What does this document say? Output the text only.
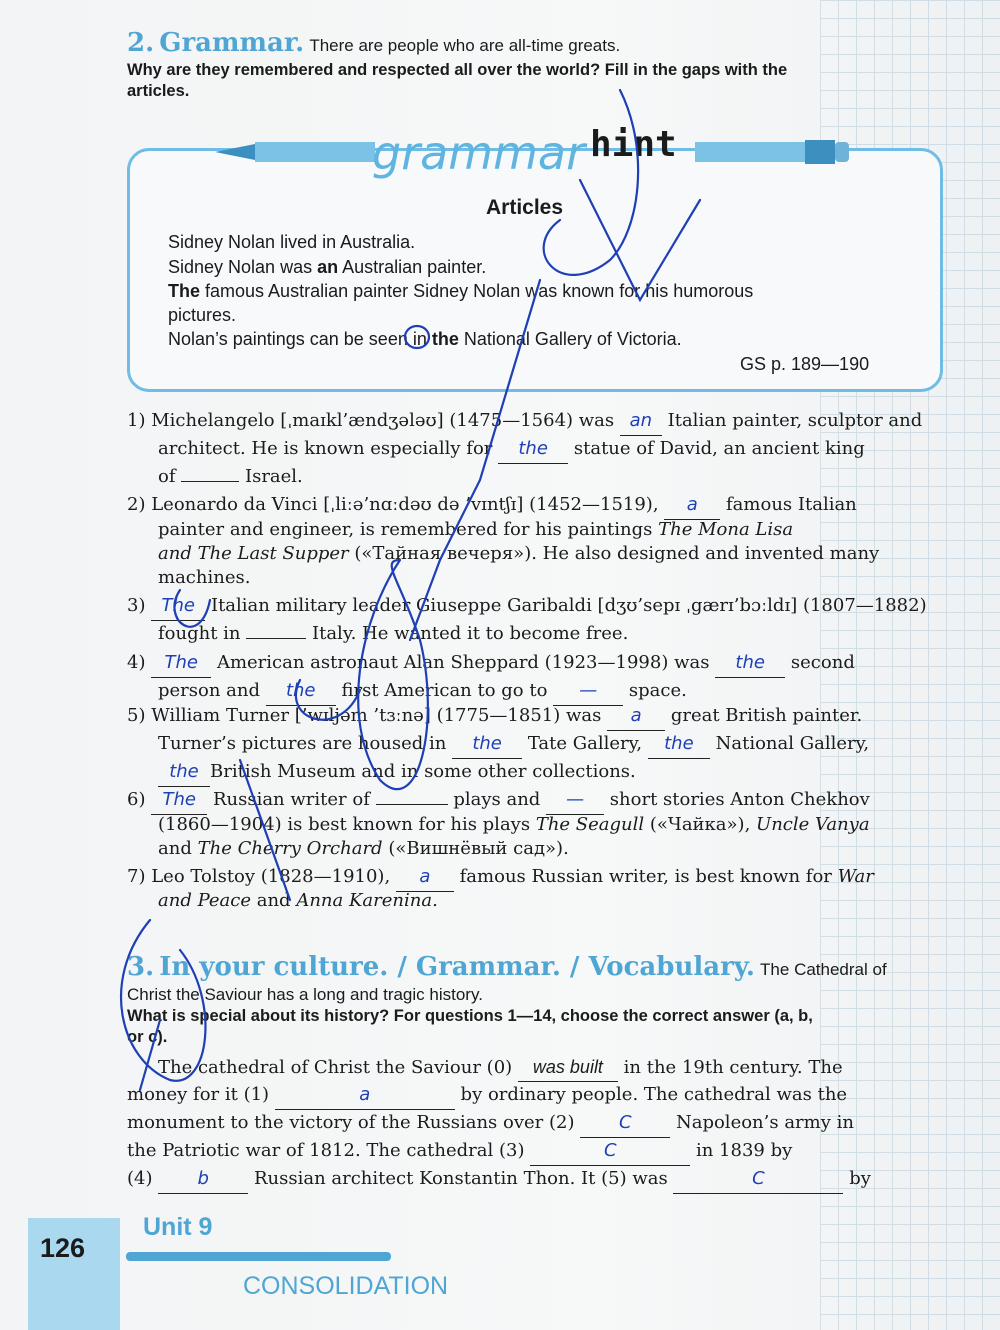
2. Grammar. There are people who are all-time greats.
Why are they remembered and respected all over the world? Fill in the gaps with the
articles.
grammar hint
Articles
Sidney Nolan lived in Australia.
Sidney Nolan was an Australian painter.
The famous Australian painter Sidney Nolan was known for his humorous
pictures.
Nolan’s paintings can be seen in the National Gallery of Victoria.
GS p. 189—190
1) Michelangelo [ˌmaɪkl’ændʒələʊ] (1475—1564) was an Italian painter, sculptor and
architect. He is known especially for the statue of David, an ancient king
of	Israel.
2) Leonardo da Vinci [ˌliːə’nɑːdəʊ də ’vɪntʃɪ] (1452—1519), a famous Italian
painter and engineer, is remembered for his paintings The Mona Lisa
and The Last Supper («Тайная вечеря»). He also designed and invented many
machines.
3) The Italian military leader Giuseppe Garibaldi [dʒʊ’sepɪ ˌgærɪ’bɔːldɪ] (1807—1882)
fought in	Italy. He wanted it to become free.
4) The American astronaut Alan Sheppard (1923—1998) was the second
person and the first American to go to — space.
5) William Turner [’wɪljəm ’tɜːnə] (1775—1851) was a great British painter.
Turner’s pictures are housed in the Tate Gallery, the National Gallery,
the British Museum and in some other collections.
6) The Russian writer of	plays and — short stories Anton Chekhov
(1860—1904) is best known for his plays The Seagull («Чайка»), Uncle Vanya
and The Cherry Orchard («Вишнёвый сад»).
7) Leo Tolstoy (1828—1910), a famous Russian writer, is best known for War
and Peace and Anna Karenina.
3. In your culture. / Grammar. / Vocabulary. The Cathedral of
Christ the Saviour has a long and tragic history.
What is special about its history? For questions 1—14, choose the correct answer (a, b,
or c).
The cathedral of Christ the Saviour (0) was built in the 19th century. The
money for it (1)	a	by ordinary people. The cathedral was the
monument to the victory of the Russians over (2) C Napoleon’s army in
the Patriotic war of 1812. The cathedral (3)	C	in 1839 by
(4)	b	Russian architect Konstantin Thon. It (5) was	C	by
126
Unit 9
CONSOLIDATION
